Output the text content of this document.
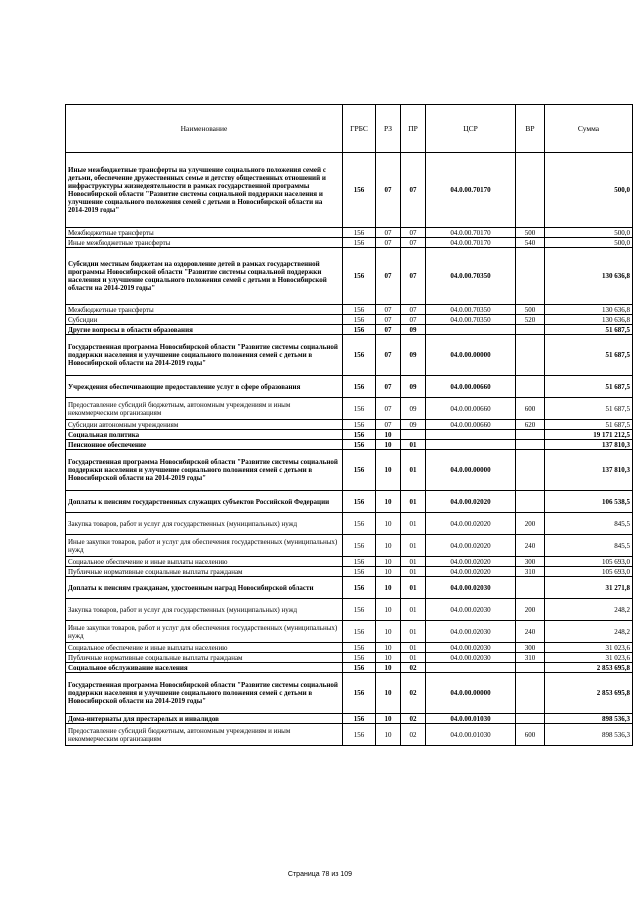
Наименование	ГРБС	РЗ	ПР	ЦСР	ВР	Сумма
Иные межбюджетные трансферты на улучшение социального положения семей с детьми, обеспечение дружественных семье и детству общественных отношений и инфраструктуры жизнедеятельности в рамках государственной программы Новосибирской области "Развитие системы социальной поддержки населения и улучшение социального положения семей с детьми в Новосибирской области на 2014-2019 годы"	156	07	07	04.0.00.70170		500,0
Межбюджетные трансферты	156	07	07	04.0.00.70170	500	500,0
Иные межбюджетные трансферты	156	07	07	04.0.00.70170	540	500,0
Субсидии местным бюджетам на оздоровление детей в рамках государственной программы Новосибирской области "Развитие системы социальной поддержки населения и улучшение социального положения семей с детьми в Новосибирской области на 2014-2019 годы"	156	07	07	04.0.00.70350		130 636,8
Межбюджетные трансферты	156	07	07	04.0.00.70350	500	130 636,8
Субсидии	156	07	07	04.0.00.70350	520	130 636,8
Другие вопросы в области образования	156	07	09			51 687,5
Государственная программа Новосибирской области "Развитие системы социальной поддержки населения и улучшение социального положения семей с детьми в Новосибирской области на 2014-2019 годы"	156	07	09	04.0.00.00000		51 687,5
Учреждения обеспечивающие предоставление услуг в сфере образования	156	07	09	04.0.00.00660		51 687,5
Предоставление субсидий бюджетным, автономным учреждениям и иным некоммерческим организациям	156	07	09	04.0.00.00660	600	51 687,5
Субсидии автономным учреждениям	156	07	09	04.0.00.00660	620	51 687,5
Социальная политика	156	10				19 171 212,5
Пенсионное обеспечение	156	10	01			137 810,3
Государственная программа Новосибирской области "Развитие системы социальной поддержки населения и улучшение социального положения семей с детьми в Новосибирской области на 2014-2019 годы"	156	10	01	04.0.00.00000		137 810,3
Доплаты к пенсиям государственных служащих субъектов Российской Федерации	156	10	01	04.0.00.02020		106 538,5
Закупка товаров, работ и услуг для государственных (муниципальных) нужд	156	10	01	04.0.00.02020	200	845,5
Иные закупки товаров, работ и услуг для обеспечения государственных (муниципальных) нужд	156	10	01	04.0.00.02020	240	845,5
Социальное обеспечение и иные выплаты населению	156	10	01	04.0.00.02020	300	105 693,0
Публичные нормативные социальные выплаты гражданам	156	10	01	04.0.00.02020	310	105 693,0
Доплаты к пенсиям гражданам, удостоенным наград Новосибирской области	156	10	01	04.0.00.02030		31 271,8
Закупка товаров, работ и услуг для государственных (муниципальных) нужд	156	10	01	04.0.00.02030	200	248,2
Иные закупки товаров, работ и услуг для обеспечения государственных (муниципальных) нужд	156	10	01	04.0.00.02030	240	248,2
Социальное обеспечение и иные выплаты населению	156	10	01	04.0.00.02030	300	31 023,6
Публичные нормативные социальные выплаты гражданам	156	10	01	04.0.00.02030	310	31 023,6
Социальное обслуживание населения	156	10	02			2 853 695,8
Государственная программа Новосибирской области "Развитие системы социальной поддержки населения и улучшение социального положения семей с детьми в Новосибирской области на 2014-2019 годы"	156	10	02	04.0.00.00000		2 853 695,8
Дома-интернаты для престарелых и инвалидов	156	10	02	04.0.00.01030		898 536,3
Предоставление субсидий бюджетным, автономным учреждениям и иным некоммерческим организациям	156	10	02	04.0.00.01030	600	898 536,3
Страница 78 из 109
